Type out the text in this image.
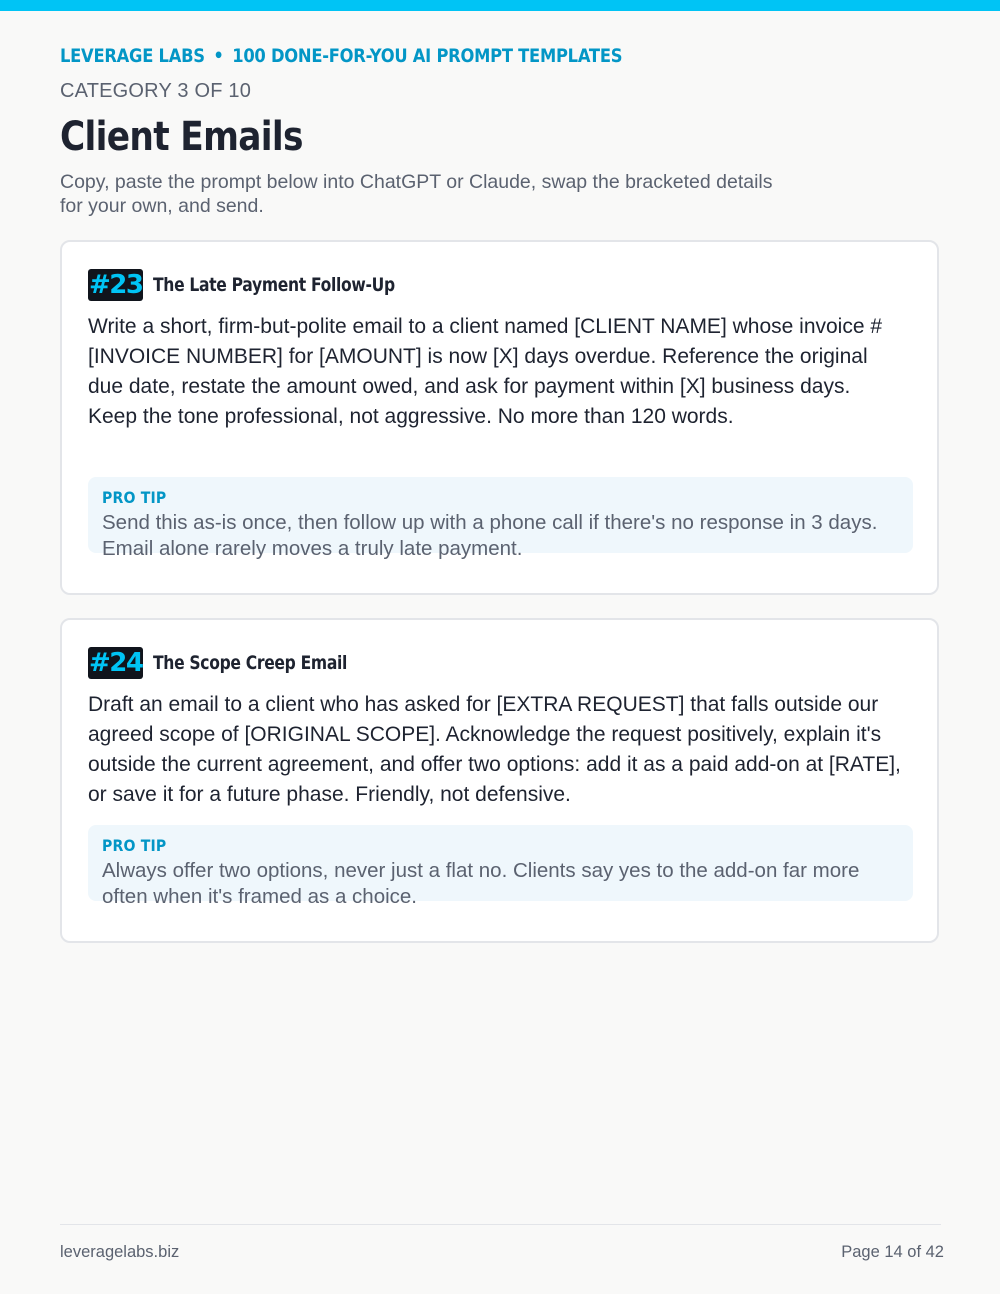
LEVERAGE LABS • 100 DONE-FOR-YOU AI PROMPT TEMPLATES
CATEGORY 3 OF 10
Client Emails
Copy, paste the prompt below into ChatGPT or Claude, swap the bracketed details for your own, and send.
#23 The Late Payment Follow-Up
Write a short, firm-but-polite email to a client named [CLIENT NAME] whose invoice #[INVOICE NUMBER] for [AMOUNT] is now [X] days overdue. Reference the original due date, restate the amount owed, and ask for payment within [X] business days. Keep the tone professional, not aggressive. No more than 120 words.
PRO TIP
Send this as-is once, then follow up with a phone call if there's no response in 3 days. Email alone rarely moves a truly late payment.
#24 The Scope Creep Email
Draft an email to a client who has asked for [EXTRA REQUEST] that falls outside our agreed scope of [ORIGINAL SCOPE]. Acknowledge the request positively, explain it's outside the current agreement, and offer two options: add it as a paid add-on at [RATE], or save it for a future phase. Friendly, not defensive.
PRO TIP
Always offer two options, never just a flat no. Clients say yes to the add-on far more often when it's framed as a choice.
leveragelabs.biz	Page 14 of 42
